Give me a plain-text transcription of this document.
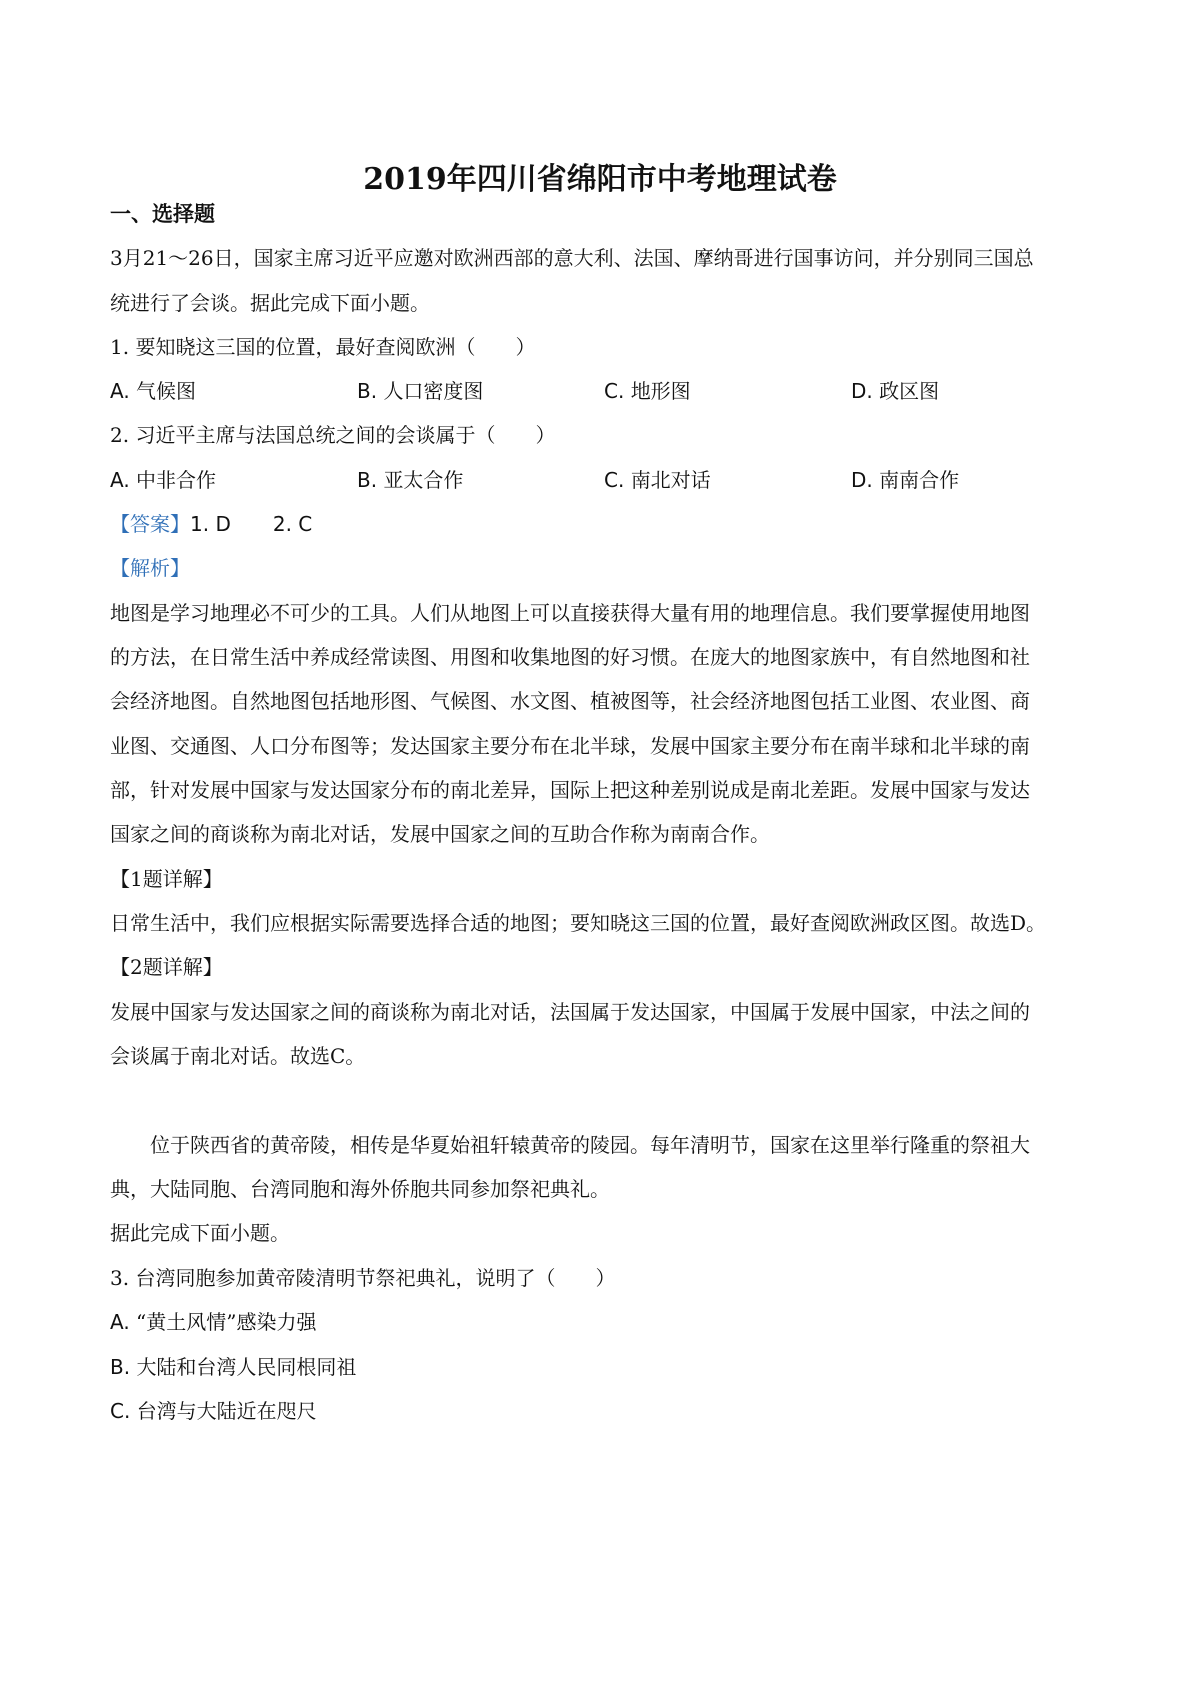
2019年四川省绵阳市中考地理试卷
一、选择题
3月21～26日，国家主席习近平应邀对欧洲西部的意大利、法国、摩纳哥进行国事访问，并分别同三国总
统进行了会谈。据此完成下面小题。
1. 要知晓这三国的位置，最好查阅欧洲（　　）
A. 气候图	B. 人口密度图	C. 地形图	D. 政区图
2. 习近平主席与法国总统之间的会谈属于（　　）
A. 中非合作	B. 亚太合作	C. 南北对话	D. 南南合作
【答案】1. D 2. C
【解析】
地图是学习地理必不可少的工具。人们从地图上可以直接获得大量有用的地理信息。我们要掌握使用地图
的方法，在日常生活中养成经常读图、用图和收集地图的好习惯。在庞大的地图家族中，有自然地图和社
会经济地图。自然地图包括地形图、气候图、水文图、植被图等，社会经济地图包括工业图、农业图、商
业图、交通图、人口分布图等；发达国家主要分布在北半球，发展中国家主要分布在南半球和北半球的南
部，针对发展中国家与发达国家分布的南北差异，国际上把这种差别说成是南北差距。发展中国家与发达
国家之间的商谈称为南北对话，发展中国家之间的互助合作称为南南合作。
【1题详解】
日常生活中，我们应根据实际需要选择合适的地图；要知晓这三国的位置，最好查阅欧洲政区图。故选D。
【2题详解】
发展中国家与发达国家之间的商谈称为南北对话，法国属于发达国家，中国属于发展中国家，中法之间的
会谈属于南北对话。故选C。
位于陕西省的黄帝陵，相传是华夏始祖轩辕黄帝的陵园。每年清明节，国家在这里举行隆重的祭祖大
典，大陆同胞、台湾同胞和海外侨胞共同参加祭祀典礼。
据此完成下面小题。
3. 台湾同胞参加黄帝陵清明节祭祀典礼，说明了（　　）
A. “黄土风情”感染力强
B. 大陆和台湾人民同根同祖
C. 台湾与大陆近在咫尺
